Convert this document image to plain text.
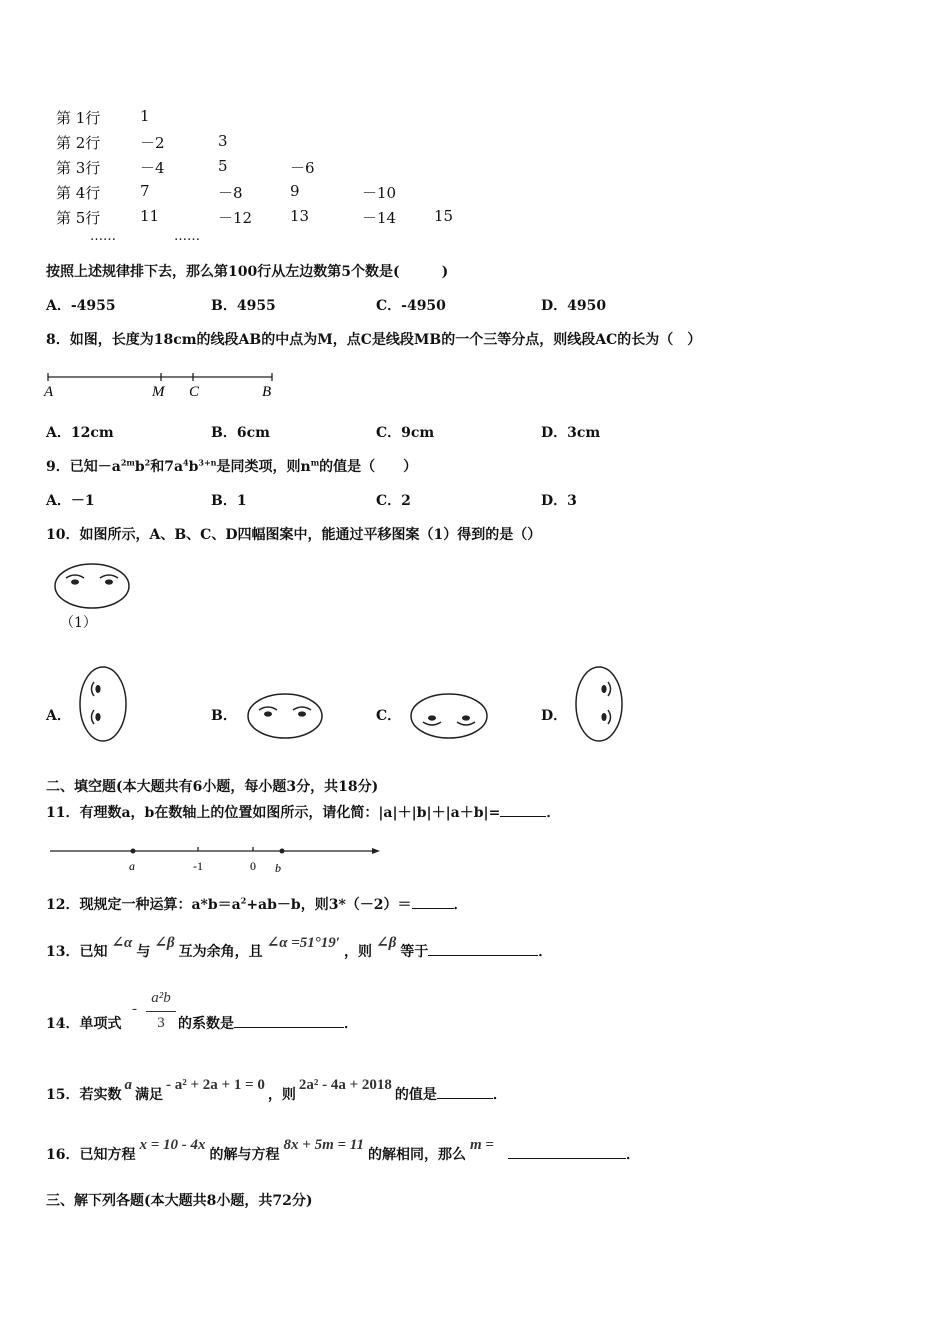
第 1行	1
第 2行	－2	3
第 3行	－4	5	－6
第 4行	7	－8	9	－10
第 5行	11	－12	13	－14	15
……	……
按照上述规律排下去，那么第100行从左边数第5个数是(　　　)
A．-4955	B．4955	C．-4950	D．4950
8．如图，长度为18cm的线段AB的中点为M，点C是线段MB的一个三等分点，则线段AC的长为（　）
A	M C	B
A．12cm	B．6cm	C．9cm	D．3cm
9．已知$-a^{2m}b^2$和$7a^4b^{3+n}$是同类项，则$n^m$的值是（　　）
A．－1	B．1	C．2	D．3
10．如图所示，A、B、C、D四幅图案中，能通过平移图案（1）得到的是（）
（1）
A．	B．	C．	D．
二、填空题(本大题共有6小题，每小题3分，共18分)
11．有理数a，b在数轴上的位置如图所示，请化简：|a|＋|b|＋|a＋b|=	．
a	-1	0 b
12．现规定一种运算：$a*b=a^2+ab-b$，则3*（－2）＝	．
13．已知∠α与∠β互为余角，且∠α =51°19′，则∠β等于	．
14．单项式
-
a²b
3 的系数是	．
15．若实数a满足- a² + 2a + 1 = 0，则2a² - 4a + 2018的值是	．
16．已知方程x = 10 - 4x的解与方程8x + 5m = 11的解相同，那么m =．
三、解下列各题(本大题共8小题，共72分)
